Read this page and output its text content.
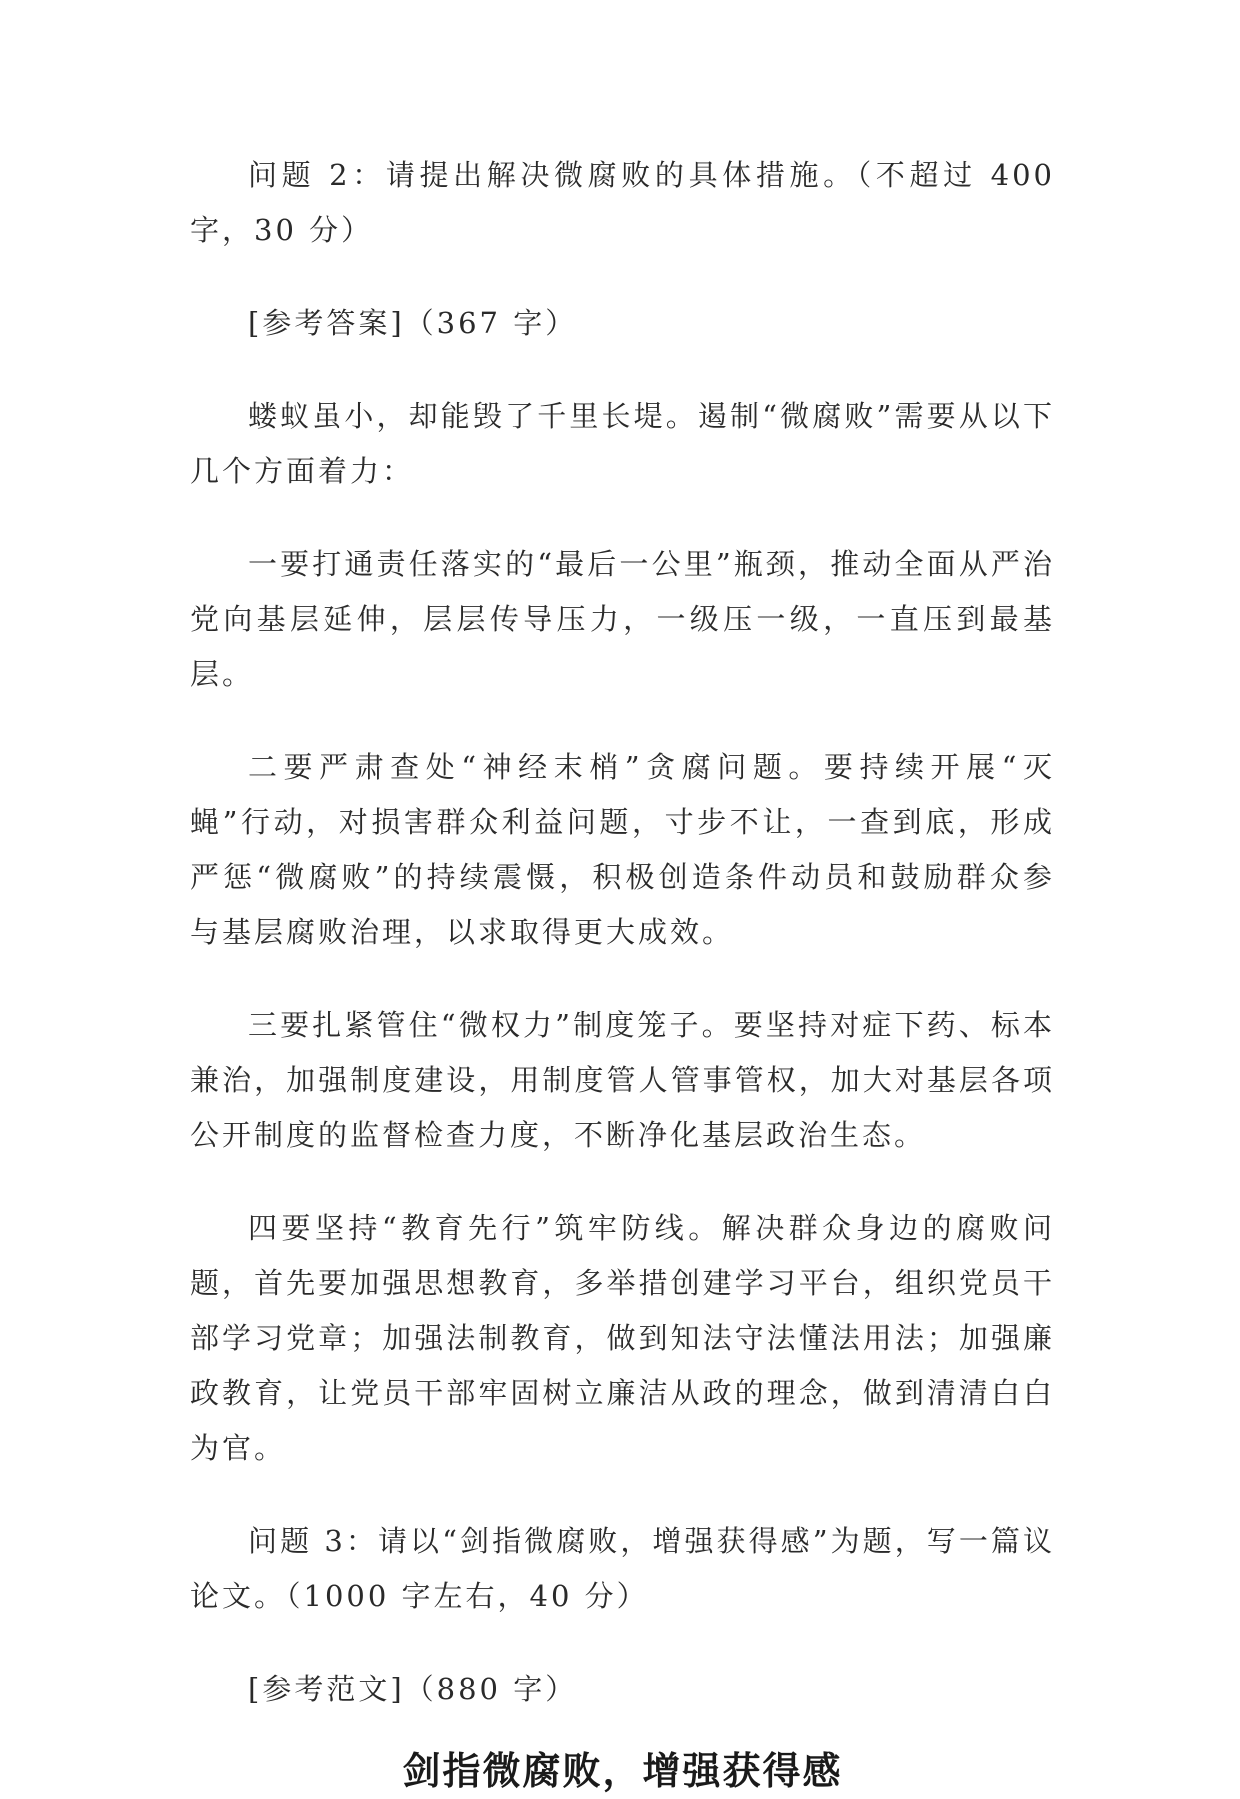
问题 2：请提出解决微腐败的具体措施。（不超过 400 字，30 分）

[参考答案]（367 字）

蝼蚁虽小，却能毁了千里长堤。遏制“微腐败”需要从以下几个方面着力：

一要打通责任落实的“最后一公里”瓶颈，推动全面从严治党向基层延伸，层层传导压力，一级压一级，一直压到最基层。

二要严肃查处“神经末梢”贪腐问题。要持续开展“灭蝇”行动，对损害群众利益问题，寸步不让，一查到底，形成严惩“微腐败”的持续震慑，积极创造条件动员和鼓励群众参与基层腐败治理，以求取得更大成效。

三要扎紧管住“微权力”制度笼子。要坚持对症下药、标本兼治，加强制度建设，用制度管人管事管权，加大对基层各项公开制度的监督检查力度，不断净化基层政治生态。

四要坚持“教育先行”筑牢防线。解决群众身边的腐败问题，首先要加强思想教育，多举措创建学习平台，组织党员干部学习党章；加强法制教育，做到知法守法懂法用法；加强廉政教育，让党员干部牢固树立廉洁从政的理念，做到清清白白为官。

问题 3：请以“剑指微腐败，增强获得感”为题，写一篇议论文。（1000 字左右，40 分）

[参考范文]（880 字）

剑指微腐败，增强获得感
